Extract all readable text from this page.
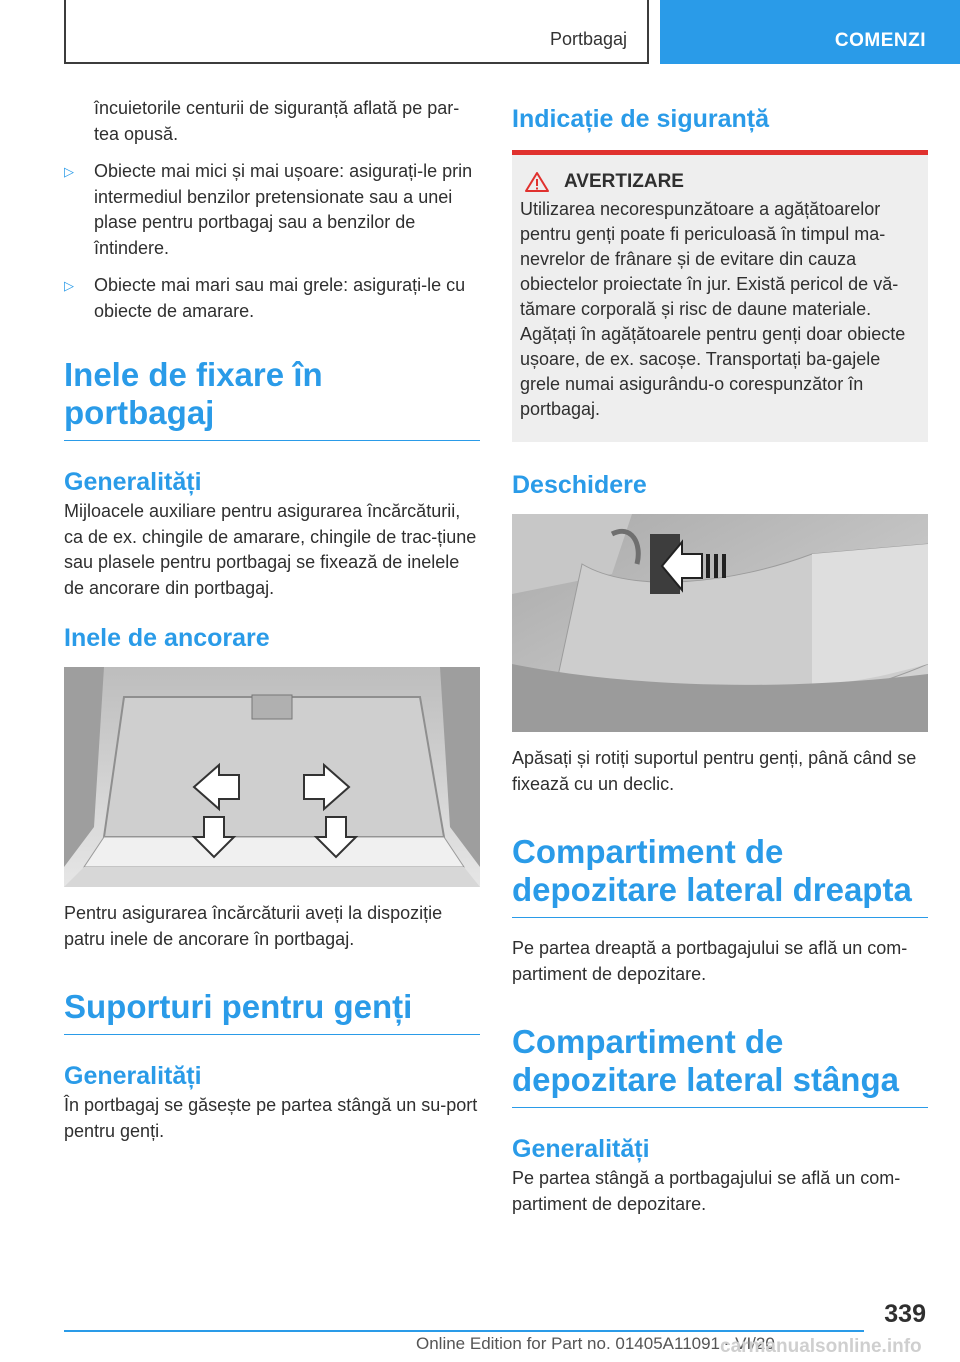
Portbagaj	COMENZI

încuietorile centurii de siguranță aflată pe par-tea opusă.

▷ Obiecte mai mici și mai ușoare: asigurați-le prin intermediul benzilor pretensionate sau a unei plase pentru portbagaj sau a benzilor de întindere.
▷ Obiecte mai mari sau mai grele: asigurați-le cu obiecte de amarare.
Inele de fixare în portbagaj
Generalități

Mijloacele auxiliare pentru asigurarea încărcăturii, ca de ex. chingile de amarare, chingile de trac-țiune sau plasele pentru portbagaj se fixează de inelele de ancorare din portbagaj.

Inele de ancorare

Pentru asigurarea încărcăturii aveți la dispoziție patru inele de ancorare în portbagaj.

Suporturi pentru genți
Generalități

În portbagaj se găsește pe partea stângă un su-port pentru genți.

Indicație de siguranță
AVERTIZARE

Utilizarea necorespunzătoare a agățătoarelor pentru genți poate fi periculoasă în timpul ma-nevrelor de frânare și de evitare din cauza obiectelor proiectate în jur. Există pericol de vă-tămare corporală și risc de daune materiale. Agățați în agățătoarele pentru genți doar obiecte ușoare, de ex. sacoșe. Transportați ba-gajele grele numai asigurându-o corespunzător în portbagaj.

Deschidere

Apăsați și rotiți suportul pentru genți, până când se fixează cu un declic.

Compartiment de depozitare lateral dreapta

Pe partea dreaptă a portbagajului se află un com-partiment de depozitare.

Compartiment de depozitare lateral stânga
Generalități

Pe partea stângă a portbagajului se află un com-partiment de depozitare.

339
Online Edition for Part no. 01405A11091 - VI/20
carmanualsonline.info
